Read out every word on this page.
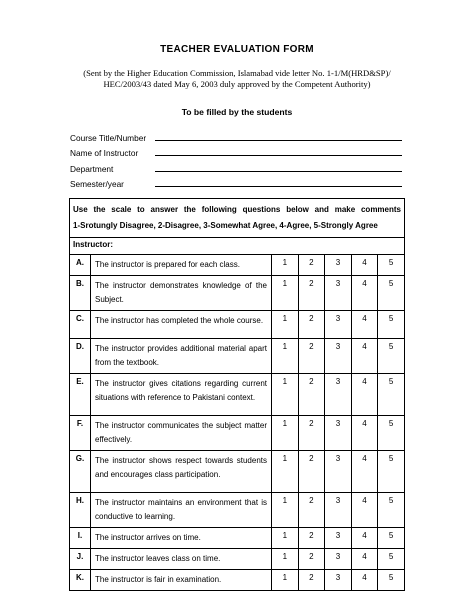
TEACHER EVALUATION FORM
(Sent by the Higher Education Commission, Islamabad vide letter No. 1-1/M(HRD&SP)/
HEC/2003/43 dated May 6, 2003 duly approved by the Competent Authority)
To be filled by the students
Course Title/Number
Name of Instructor
Department
Semester/year
Use the scale to answer the following questions below and make comments
1-Srotungly Disagree, 2-Disagree, 3-Somewhat Agree, 4-Agree, 5-Strongly Agree						

Instructor:						
A.	The instructor is prepared for each class.	1	2	3	4	5
B.	The instructor demonstrates knowledge of the Subject.	1	2	3	4	5
C.	The instructor has completed the whole course.	1	2	3	4	5
D.	The instructor provides additional material apart from the textbook.	1	2	3	4	5
E.	The instructor gives citations regarding current situations with reference to Pakistani context.	1	2	3	4	5
F.	The instructor communicates the subject matter effectively.	1	2	3	4	5
G.	The instructor shows respect towards students and encourages class participation.	1	2	3	4	5
H.	The instructor maintains an environment that is conductive to learning.	1	2	3	4	5
I.	The instructor arrives on time.	1	2	3	4	5
J.	The instructor leaves class on time.	1	2	3	4	5
K.	The instructor is fair in examination.	1	2	3	4	5
